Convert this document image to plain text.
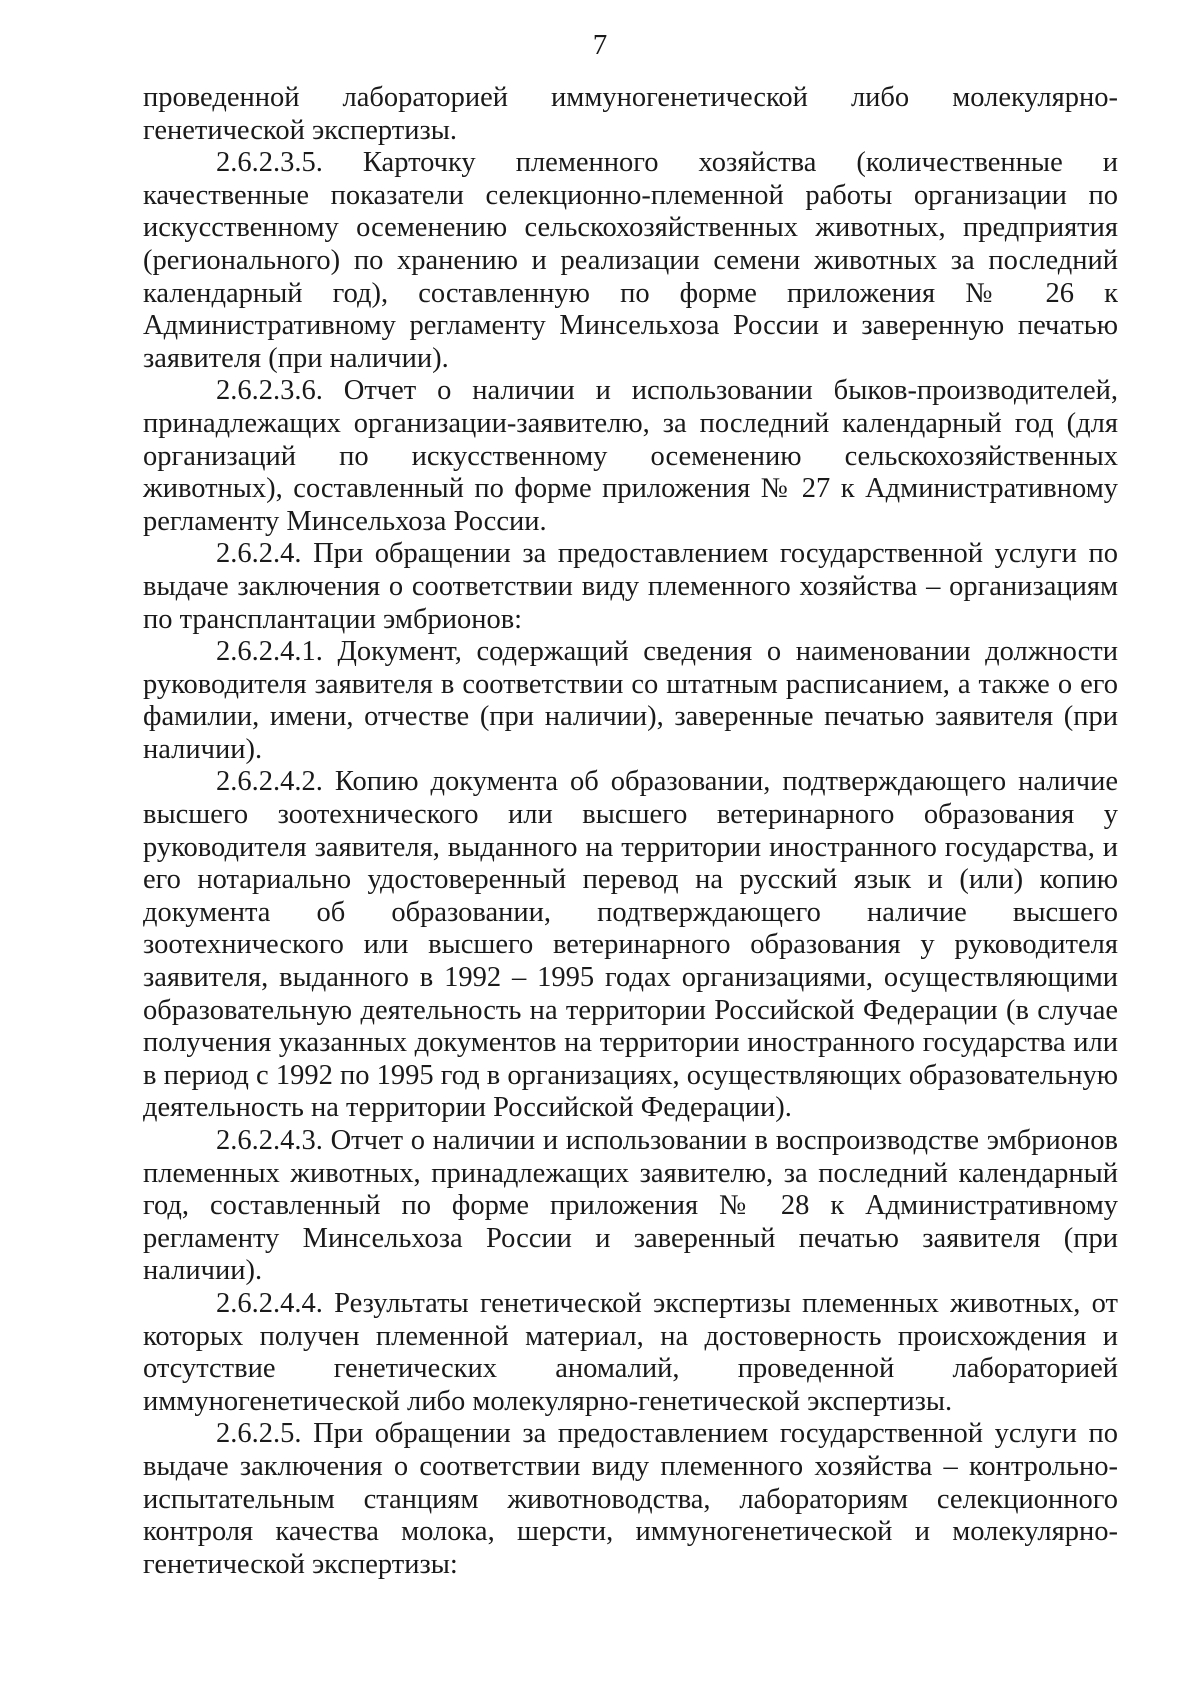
7

проведенной лабораторией иммуногенетической либо молекулярно-генетической экспертизы.

2.6.2.3.5. Карточку племенного хозяйства (количественные и качественные показатели селекционно-племенной работы организации по искусственному осеменению сельскохозяйственных животных, предприятия (регионального) по хранению и реализации семени животных за последний календарный год), составленную по форме приложения № 26 к Административному регламенту Минсельхоза России и заверенную печатью заявителя (при наличии).

2.6.2.3.6. Отчет о наличии и использовании быков-производителей, принадлежащих организации-заявителю, за последний календарный год (для организаций по искусственному осеменению сельскохозяйственных животных), составленный по форме приложения № 27 к Административному регламенту Минсельхоза России.

2.6.2.4. При обращении за предоставлением государственной услуги по выдаче заключения о соответствии виду племенного хозяйства – организациям по трансплантации эмбрионов:

2.6.2.4.1. Документ, содержащий сведения о наименовании должности руководителя заявителя в соответствии со штатным расписанием, а также о его фамилии, имени, отчестве (при наличии), заверенные печатью заявителя (при наличии).

2.6.2.4.2. Копию документа об образовании, подтверждающего наличие высшего зоотехнического или высшего ветеринарного образования у руководителя заявителя, выданного на территории иностранного государства, и его нотариально удостоверенный перевод на русский язык и (или) копию документа об образовании, подтверждающего наличие высшего зоотехнического или высшего ветеринарного образования у руководителя заявителя, выданного в 1992 – 1995 годах организациями, осуществляющими образовательную деятельность на территории Российской Федерации (в случае получения указанных документов на территории иностранного государства или в период с 1992 по 1995 год в организациях, осуществляющих образовательную деятельность на территории Российской Федерации).

2.6.2.4.3. Отчет о наличии и использовании в воспроизводстве эмбрионов племенных животных, принадлежащих заявителю, за последний календарный год, составленный по форме приложения № 28 к Административному регламенту Минсельхоза России и заверенный печатью заявителя (при наличии).

2.6.2.4.4. Результаты генетической экспертизы племенных животных, от которых получен племенной материал, на достоверность происхождения и отсутствие генетических аномалий, проведенной лабораторией иммуногенетической либо молекулярно-генетической экспертизы.

2.6.2.5. При обращении за предоставлением государственной услуги по выдаче заключения о соответствии виду племенного хозяйства – контрольно-испытательным станциям животноводства, лабораториям селекционного контроля качества молока, шерсти, иммуногенетической и молекулярно-генетической экспертизы:
